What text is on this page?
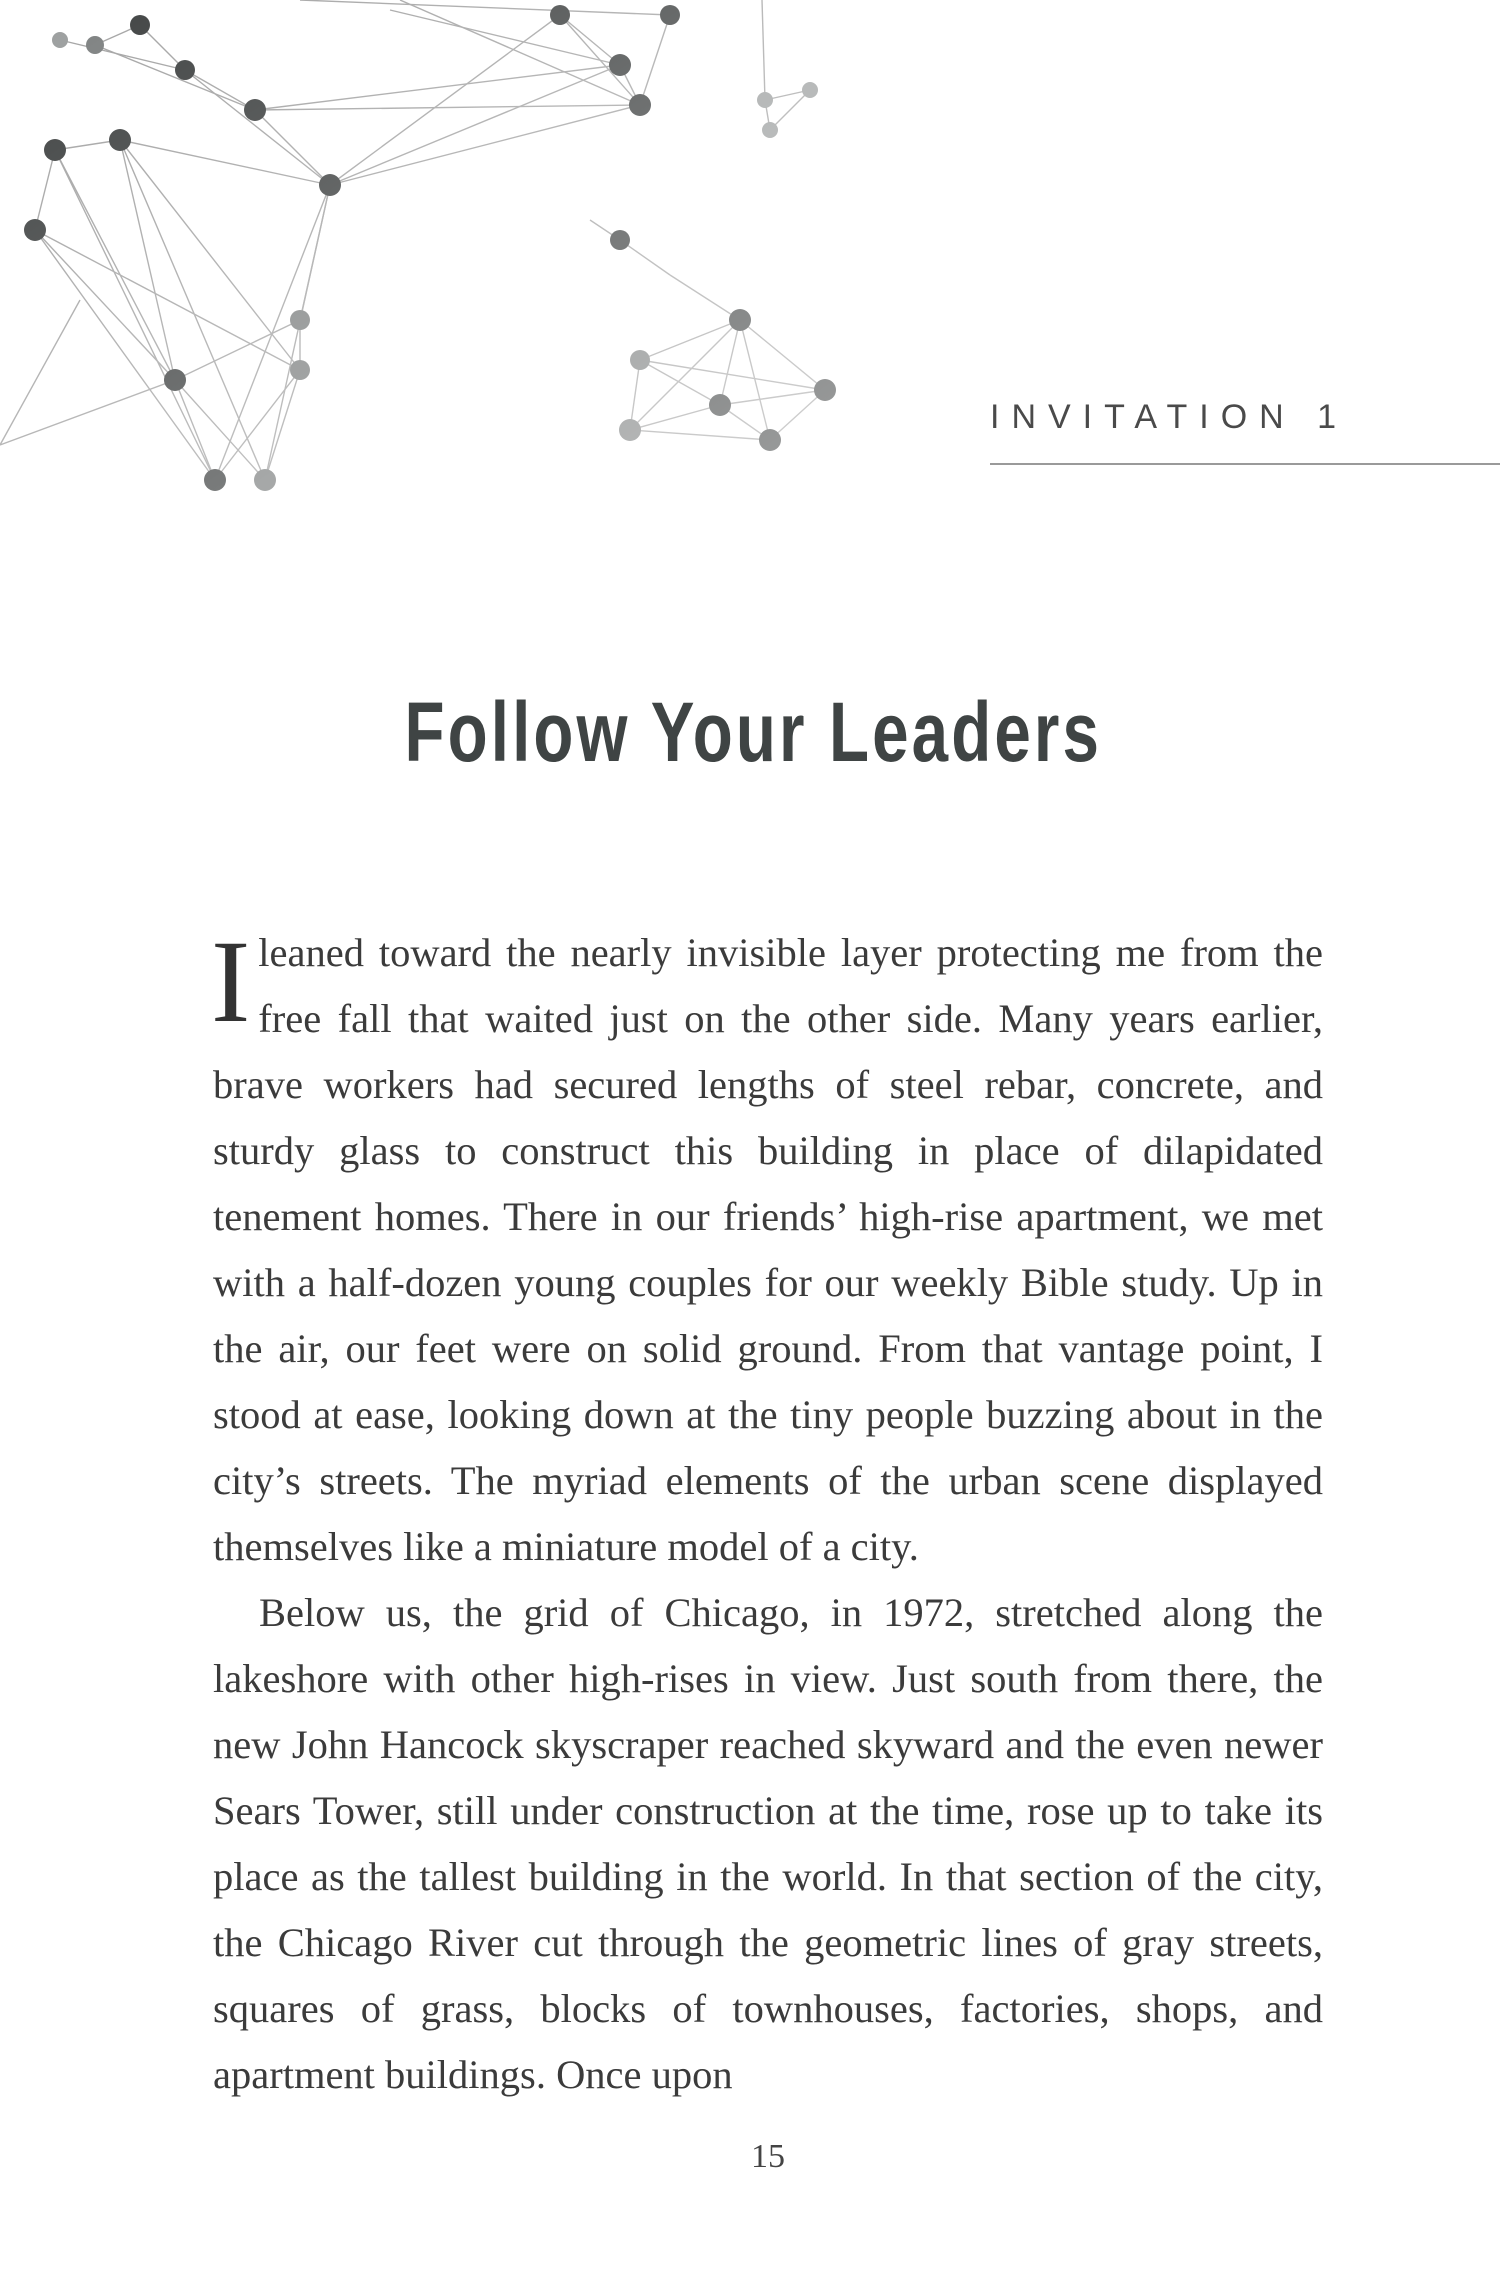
INVITATION 1
Follow Your Leaders

Ileaned toward the nearly invisible layer protecting me from the free fall that waited just on the other side. Many years earlier, brave workers had secured lengths of steel rebar, concrete, and sturdy glass to construct this building in place of dilapidated tenement homes. There in our friends’ high-rise apartment, we met with a half-dozen young couples for our weekly Bible study. Up in the air, our feet were on solid ground. From that vantage point, I stood at ease, looking down at the tiny people buzzing about in the city’s streets. The myriad elements of the urban scene displayed themselves like a miniature model of a city.

Below us, the grid of Chicago, in 1972, stretched along the lakeshore with other high-rises in view. Just south from there, the new John Hancock skyscraper reached skyward and the even newer Sears Tower, still under construction at the time, rose up to take its place as the tallest building in the world. In that section of the city, the Chicago River cut through the geometric lines of gray streets, squares of grass, blocks of townhouses, factories, shops, and apartment buildings. Once upon

15
